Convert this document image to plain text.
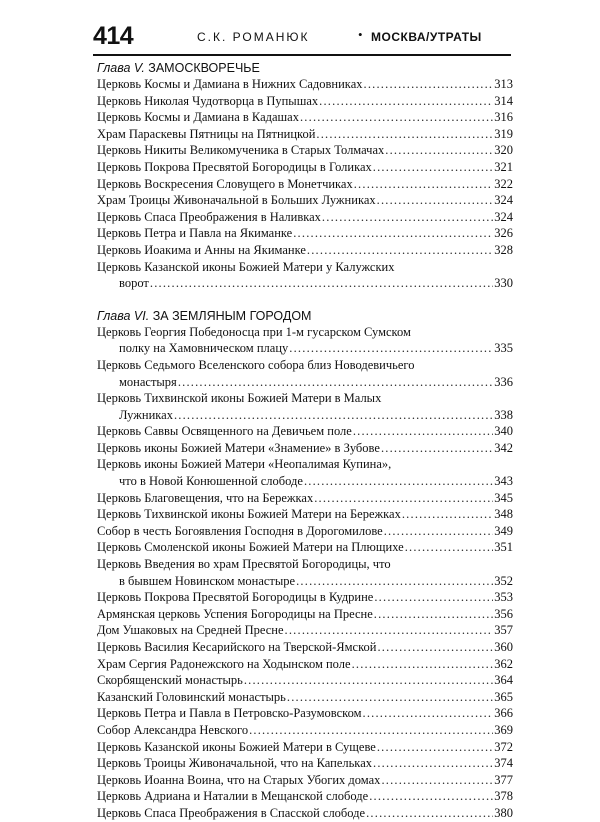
414	С.К. РОМАНЮК	• МОСКВА/УТРАТЫ
Глава V. ЗАМОСКВОРЕЧЬЕ
Церковь Космы и Дамиана в Нижних Садовниках .....	313
Церковь Николая Чудотворца в Пупышах .....	314
Церковь Космы и Дамиана в Кадашах .....	316
Храм Параскевы Пятницы на Пятницкой .....	319
Церковь Никиты Великомученика в Старых Толмачах .....	320
Церковь Покрова Пресвятой Богородицы в Голиках .....	321
Церковь Воскресения Словущего в Монетчиках .....	322
Храм Троицы Живоначальной в Больших Лужниках .....	324
Церковь Спаса Преображения в Наливках .....	324
Церковь Петра и Павла на Якиманке .....	326
Церковь Иоакима и Анны на Якиманке .....	328
Церковь Казанской иконы Божией Матери у Калужских
ворот .....	330
Глава VI. ЗА ЗЕМЛЯНЫМ ГОРОДОМ
Церковь Георгия Победоносца при 1-м гусарском Сумском
полку на Хамовническом плацу .....	335
Церковь Седьмого Вселенского собора близ Новодевичьего
монастыря .....	336
Церковь Тихвинской иконы Божией Матери в Малых
Лужниках .....	338
Церковь Саввы Освященного на Девичьем поле .....	340
Церковь иконы Божией Матери «Знамение» в Зубове .....	342
Церковь иконы Божией Матери «Неопалимая Купина»,
что в Новой Конюшенной слободе .....	343
Церковь Благовещения, что на Бережках .....	345
Церковь Тихвинской иконы Божией Матери на Бережках .....	348
Собор в честь Богоявления Господня в Дорогомилове .....	349
Церковь Смоленской иконы Божией Матери на Плющихе .....	351
Церковь Введения во храм Пресвятой Богородицы, что
в бывшем Новинском монастыре .....	352
Церковь Покрова Пресвятой Богородицы в Кудрине .....	353
Армянская церковь Успения Богородицы на Пресне .....	356
Дом Ушаковых на Средней Пресне .....	357
Церковь Василия Кесарийского на Тверской-Ямской .....	360
Храм Сергия Радонежского на Ходынском поле .....	362
Скорбященский монастырь .....	364
Казанский Головинский монастырь .....	365
Церковь Петра и Павла в Петровско-Разумовском .....	366
Собор Александра Невского .....	369
Церковь Казанской иконы Божией Матери в Сущеве .....	372
Церковь Троицы Живоначальной, что на Капельках .....	374
Церковь Иоанна Воина, что на Старых Убогих домах .....	377
Церковь Адриана и Наталии в Мещанской слободе .....	378
Церковь Спаса Преображения в Спасской слободе .....	380
